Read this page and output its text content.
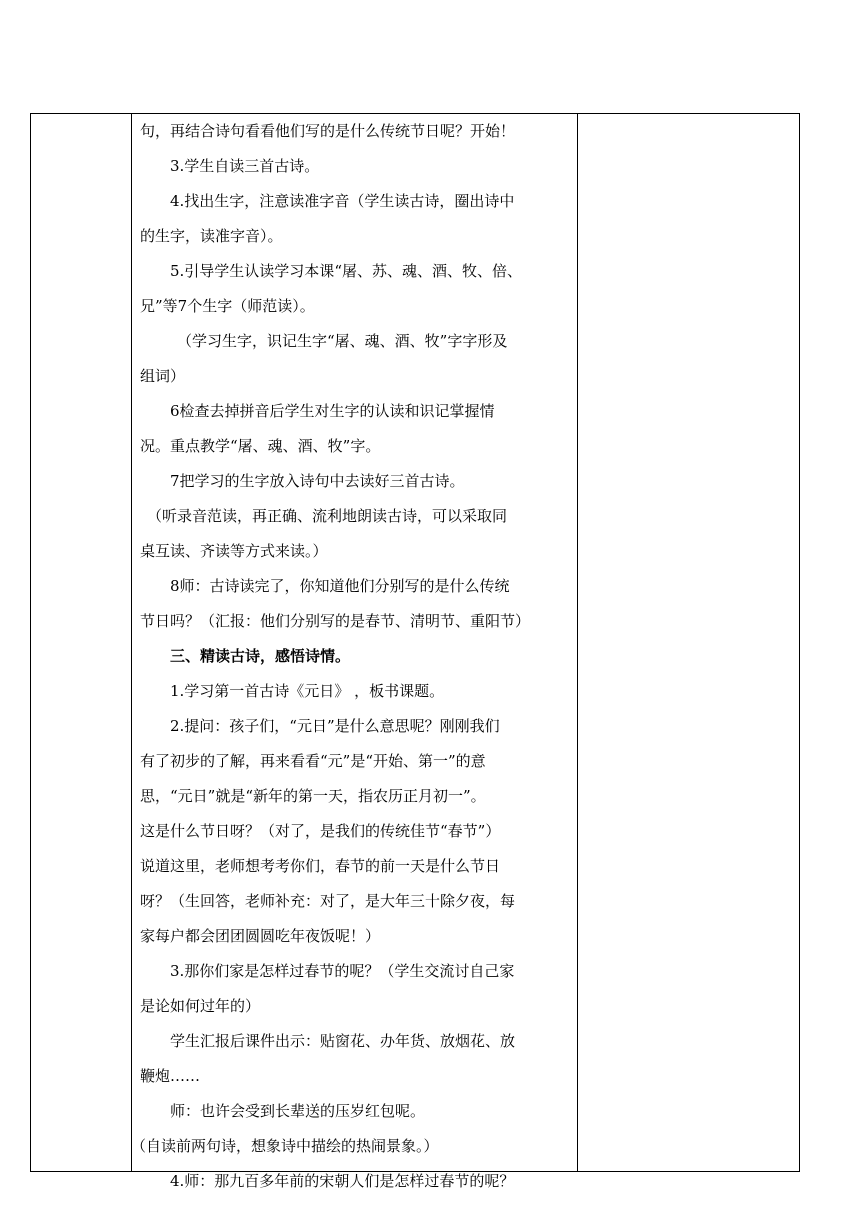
句，再结合诗句看看他们写的是什么传统节日呢？开始！
3.学生自读三首古诗。
4.找出生字，注意读准字音（学生读古诗，圈出诗中
的生字，读准字音）。
5.引导学生认读学习本课“屠、苏、魂、酒、牧、倍、
兄”等7个生字（师范读）。
（学习生字，识记生字“屠、魂、酒、牧”字字形及
组词）
6检查去掉拼音后学生对生字的认读和识记掌握情
况。重点教学“屠、魂、酒、牧”字。
7把学习的生字放入诗句中去读好三首古诗。
（听录音范读，再正确、流利地朗读古诗，可以采取同
桌互读、齐读等方式来读。）
8师：古诗读完了，你知道他们分别写的是什么传统
节日吗？（汇报：他们分别写的是春节、清明节、重阳节）
三、精读古诗，感悟诗情。
1.学习第一首古诗《元日》 ，板书课题。
2.提问：孩子们，“元日”是什么意思呢？刚刚我们
有了初步的了解，再来看看“元”是“开始、第一”的意
思，“元日”就是“新年的第一天，指农历正月初一”。
这是什么节日呀？（对了，是我们的传统佳节“春节”）
说道这里，老师想考考你们，春节的前一天是什么节日
呀？（生回答，老师补充：对了，是大年三十除夕夜，每
家每户都会团团圆圆吃年夜饭呢！）
3.那你们家是怎样过春节的呢？（学生交流讨自己家
是论如何过年的）
学生汇报后课件出示：贴窗花、办年货、放烟花、放
鞭炮……
师：也许会受到长辈送的压岁红包呢。
（自读前两句诗，想象诗中描绘的热闹景象。）
4.师：那九百多年前的宋朝人们是怎样过春节的呢？
